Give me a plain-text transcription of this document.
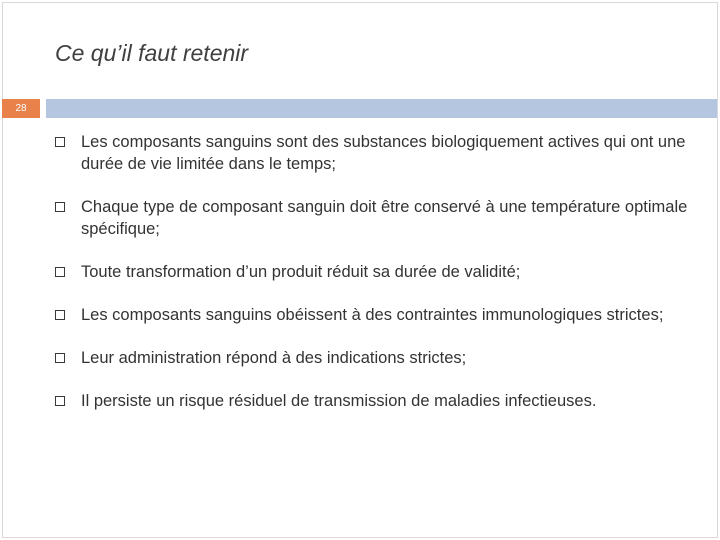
Ce qu’il faut retenir
28
Les composants sanguins sont des substances biologiquement actives qui ont une durée de vie limitée dans le temps;
Chaque type de composant sanguin doit être conservé à une température optimale spécifique;
Toute transformation d’un produit réduit sa durée de validité;
Les composants sanguins obéissent à des contraintes immunologiques strictes;
Leur administration répond à des indications strictes;
Il persiste un risque résiduel de transmission de maladies infectieuses.
